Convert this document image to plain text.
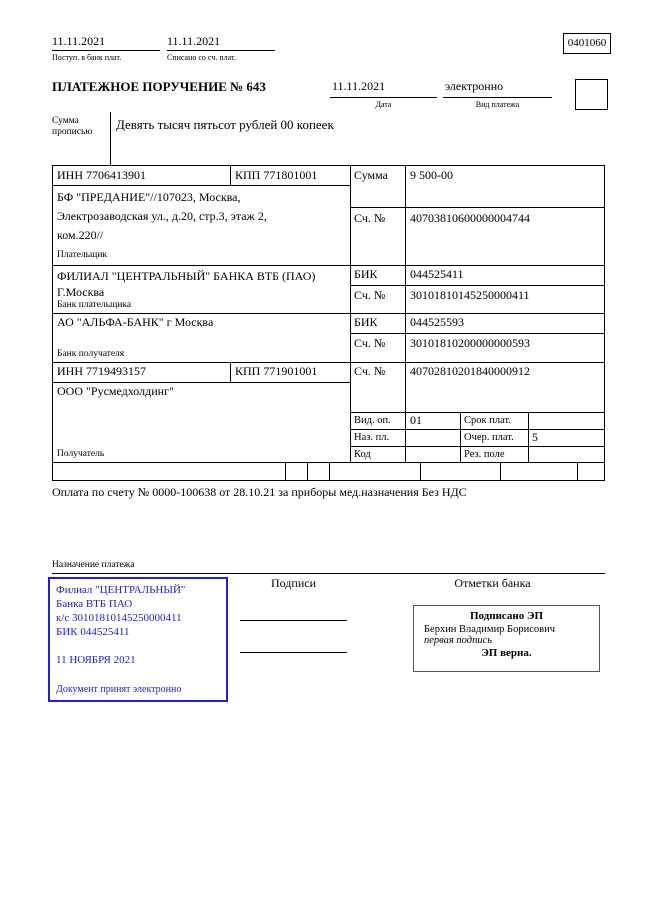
11.11.2021
Поступ. в банк плат.
11.11.2021
Списано со сч. плат.
0401060
ПЛАТЕЖНОЕ ПОРУЧЕНИЕ № 643	11.11.2021
Дата
электронно
Вид платежа
Сумма прописью	Девять тысяч пятьсот рублей 00 копеек
ИНН 7706413901	КПП 771801001	Сумма 9 500-00
БФ "ПРЕДАНИЕ"//107023, Москва, Электрозаводская ул., д.20, стр.3, этаж 2, ком.220//
Плательщик
Сч. № 40703810600000004744
ФИЛИАЛ "ЦЕНТРАЛЬНЫЙ" БАНКА ВТБ (ПАО) Г.Москва
Банк плательщика
БИК	044525411
Сч. № 30101810145250000411
АО "АЛЬФА-БАНК" г Москва
Банк получателя
БИК	044525593
Сч. № 30101810200000000593
ИНН 7719493157	КПП 771901001	Сч. № 40702810201840000912
ООО "Русмедхолдинг"
Получатель
Вид. оп. 01	Срок плат.
Наз. пл.	Очер. плат. 5
Код	Рез. поле
Оплата по счету № 0000-100638 от 28.10.21 за приборы мед.назначения Без НДС
Назначение платежа
Подписи	Отметки банка
Филиал "ЦЕНТРАЛЬНЫЙ" Банка ВТБ ПАО
к/с 30101810145250000411
БИК 044525411
11 НОЯБРЯ 2021
Документ принят электронно
Подписано ЭП
Берхин Владимир Борисович
первая подпись
ЭП верна.
